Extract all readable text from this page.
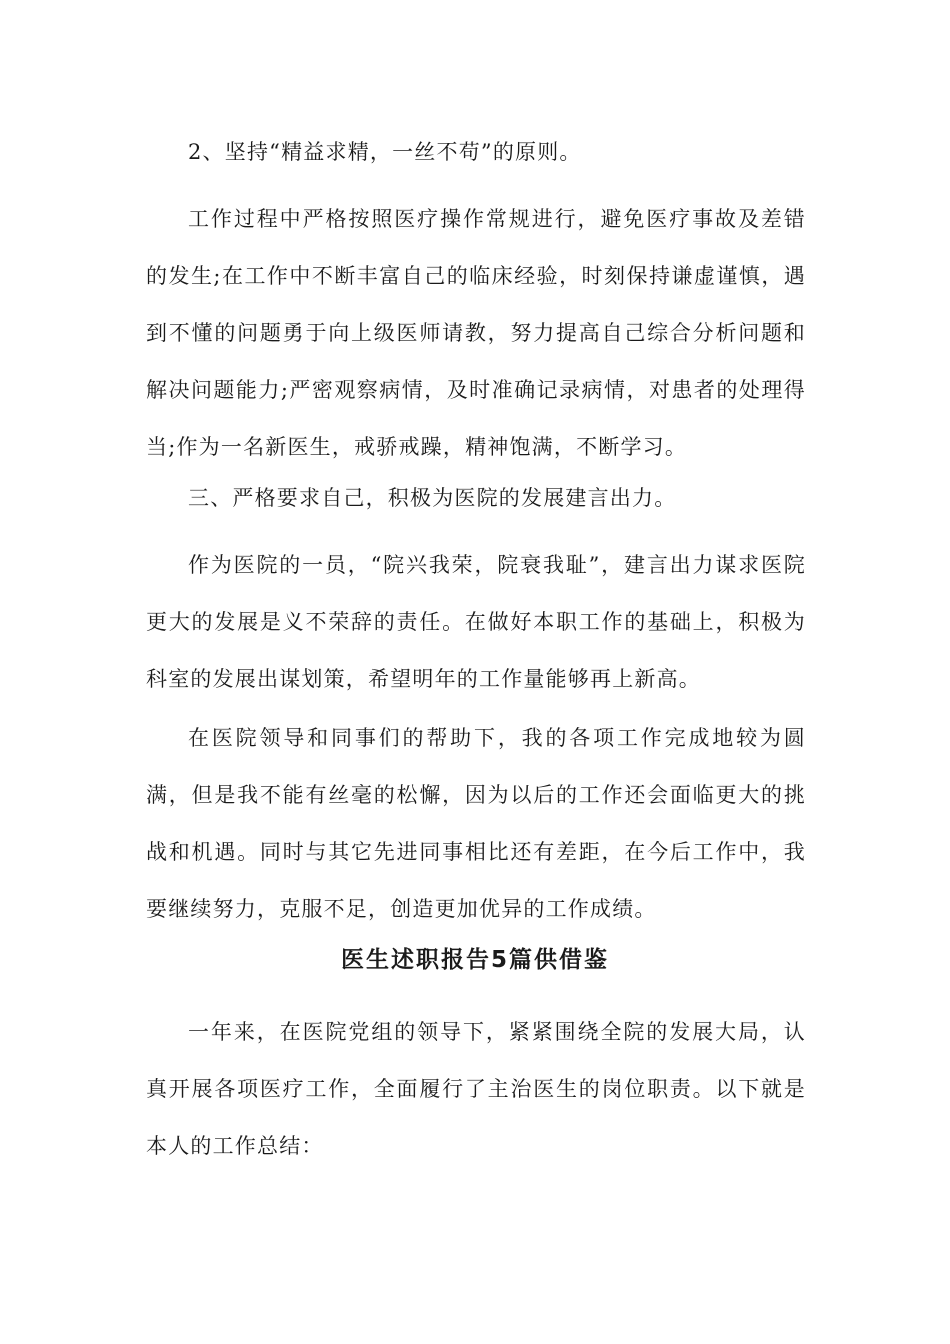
2、坚持“精益求精，一丝不苟”的原则。

工作过程中严格按照医疗操作常规进行，避免医疗事故及差错的发生;在工作中不断丰富自己的临床经验，时刻保持谦虚谨慎，遇到不懂的问题勇于向上级医师请教，努力提高自己综合分析问题和解决问题能力;严密观察病情，及时准确记录病情，对患者的处理得当;作为一名新医生，戒骄戒躁，精神饱满，不断学习。

三、严格要求自己，积极为医院的发展建言出力。

作为医院的一员，“院兴我荣，院衰我耻”，建言出力谋求医院更大的发展是义不荣辞的责任。在做好本职工作的基础上，积极为科室的发展出谋划策，希望明年的工作量能够再上新高。

在医院领导和同事们的帮助下，我的各项工作完成地较为圆满，但是我不能有丝毫的松懈，因为以后的工作还会面临更大的挑战和机遇。同时与其它先进同事相比还有差距，在今后工作中，我要继续努力，克服不足，创造更加优异的工作成绩。

医生述职报告5篇供借鉴

一年来，在医院党组的领导下，紧紧围绕全院的发展大局，认真开展各项医疗工作，全面履行了主治医生的岗位职责。以下就是本人的工作总结：
